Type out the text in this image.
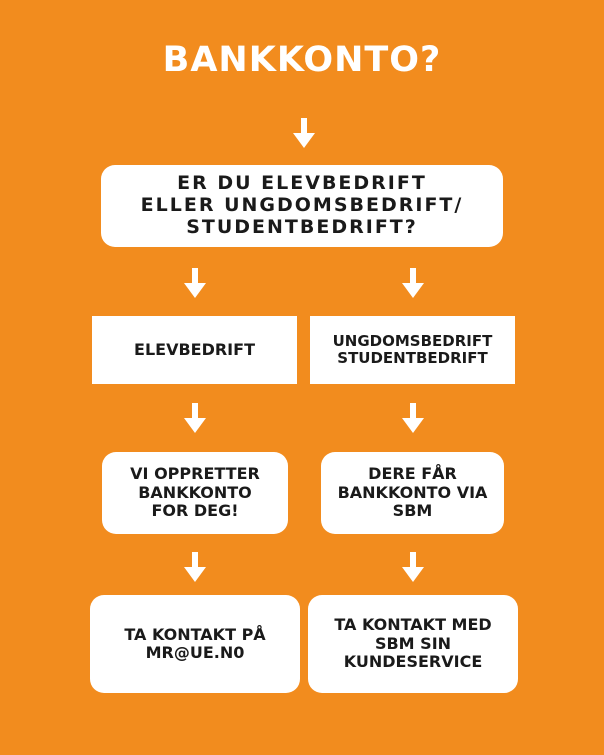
BANKKONTO?
ER DU ELEVBEDRIFT
ELLER UNGDOMSBEDRIFT/
STUDENTBEDRIFT?
ELEVBEDRIFT	UNGDOMSBEDRIFT
STUDENTBEDRIFT
VI OPPRETTER
BANKKONTO
FOR DEG!
DERE FÅR
BANKKONTO VIA
SBM
TA KONTAKT PÅ
MR@UE.N0
TA KONTAKT MED
SBM SIN
KUNDESERVICE
